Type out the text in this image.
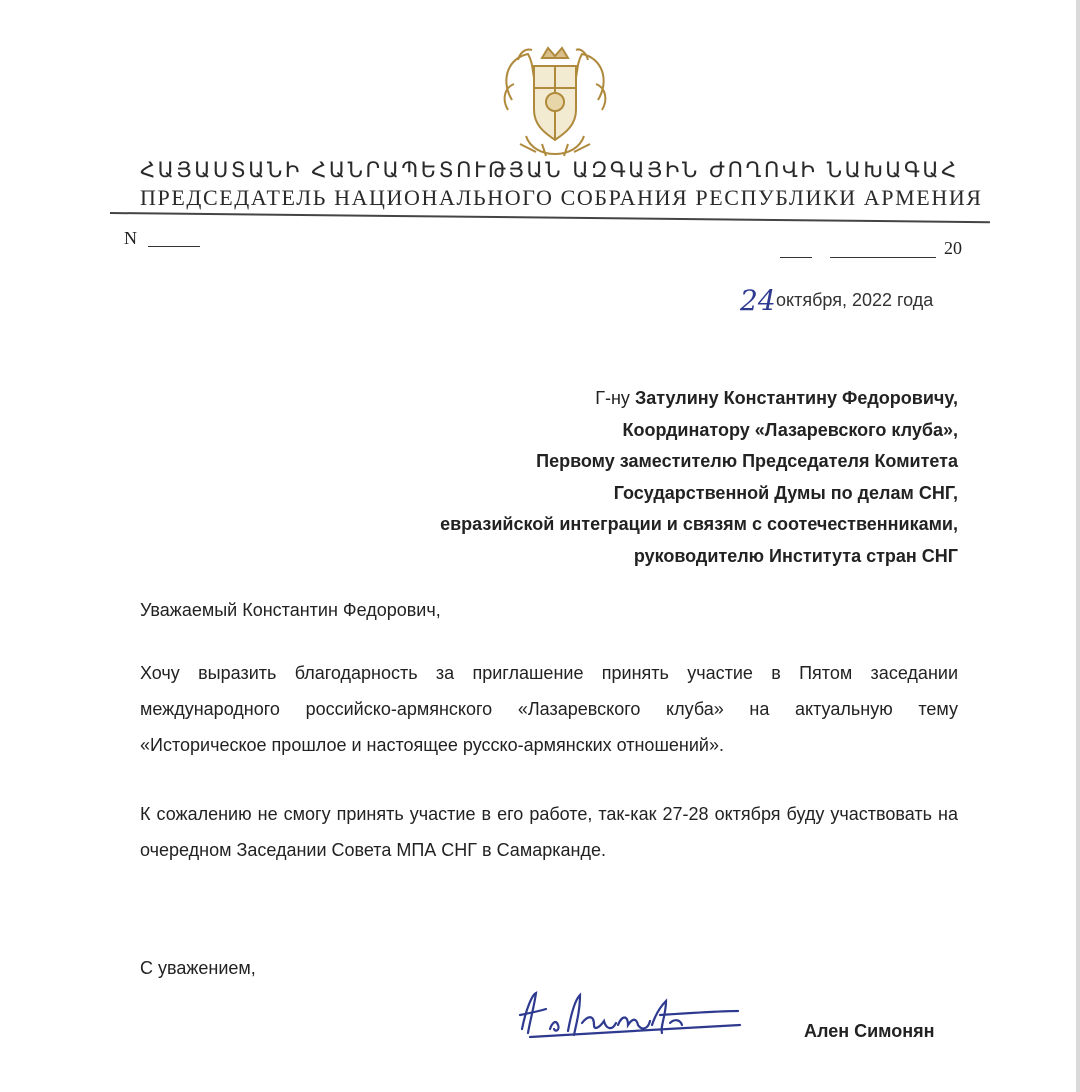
ՀԱՅԱՍՏԱՆԻ ՀԱՆՐԱՊԵՏՈՒԹՅԱՆ ԱԶԳԱՅԻՆ ԺՈՂՈՎԻ ՆԱԽԱԳԱՀ
ПРЕДСЕДАТЕЛЬ НАЦИОНАЛЬНОГО СОБРАНИЯ РЕСПУБЛИКИ АРМЕНИЯ
N	20
24 октября, 2022 года
Г-ну Затулину Константину Федоровичу,
Координатору «Лазаревского клуба»,
Первому заместителю Председателя Комитета
Государственной Думы по делам СНГ,
евразийской интеграции и связям с соотечественниками,
руководителю Института стран СНГ
Уважаемый Константин Федорович,
Хочу выразить благодарность за приглашение принять участие в Пятом заседании международного российско-армянского «Лазаревского клуба» на актуальную тему «Историческое прошлое и настоящее русско-армянских отношений».
К сожалению не смогу принять участие в его работе, так-как 27-28 октября буду участвовать на очередном Заседании Совета МПА СНГ в Самарканде.
С уважением,
Ален Симонян
